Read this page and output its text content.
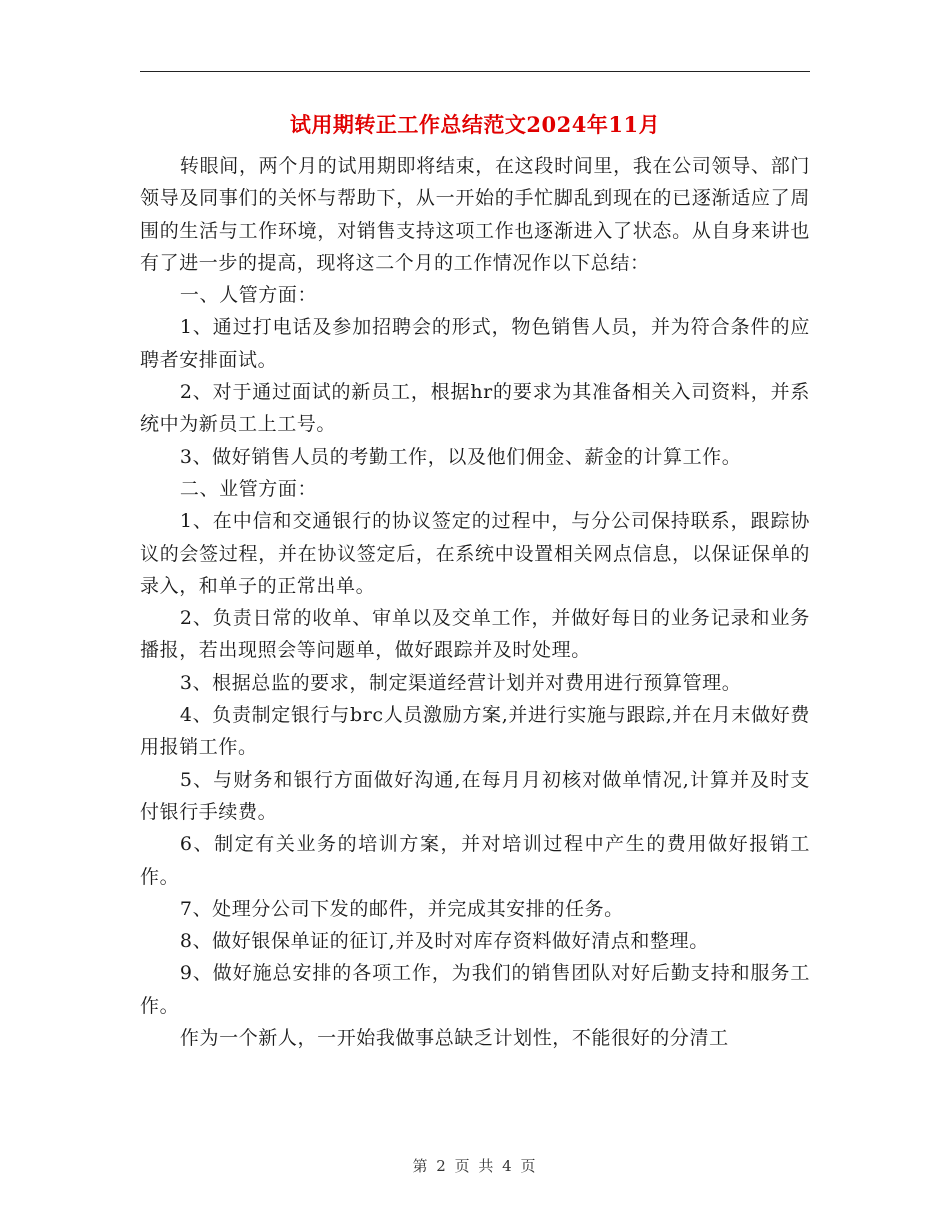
试用期转正工作总结范文2024年11月

转眼间，两个月的试用期即将结束，在这段时间里，我在公司领导、部门领导及同事们的关怀与帮助下，从一开始的手忙脚乱到现在的已逐渐适应了周围的生活与工作环境，对销售支持这项工作也逐渐进入了状态。从自身来讲也有了进一步的提高，现将这二个月的工作情况作以下总结：

一、人管方面：

1、通过打电话及参加招聘会的形式，物色销售人员，并为符合条件的应聘者安排面试。

2、对于通过面试的新员工，根据hr的要求为其准备相关入司资料，并系统中为新员工上工号。

3、做好销售人员的考勤工作，以及他们佣金、薪金的计算工作。

二、业管方面：

1、在中信和交通银行的协议签定的过程中，与分公司保持联系，跟踪协议的会签过程，并在协议签定后，在系统中设置相关网点信息，以保证保单的录入，和单子的正常出单。

2、负责日常的收单、审单以及交单工作，并做好每日的业务记录和业务播报，若出现照会等问题单，做好跟踪并及时处理。

3、根据总监的要求，制定渠道经营计划并对费用进行预算管理。

4、负责制定银行与brc人员激励方案,并进行实施与跟踪,并在月末做好费用报销工作。

5、与财务和银行方面做好沟通,在每月月初核对做单情况,计算并及时支付银行手续费。

6、制定有关业务的培训方案，并对培训过程中产生的费用做好报销工作。

7、处理分公司下发的邮件，并完成其安排的任务。

8、做好银保单证的征订,并及时对库存资料做好清点和整理。

9、做好施总安排的各项工作，为我们的销售团队对好后勤支持和服务工作。

作为一个新人，一开始我做事总缺乏计划性，不能很好的分清工

第 2 页 共 4 页
